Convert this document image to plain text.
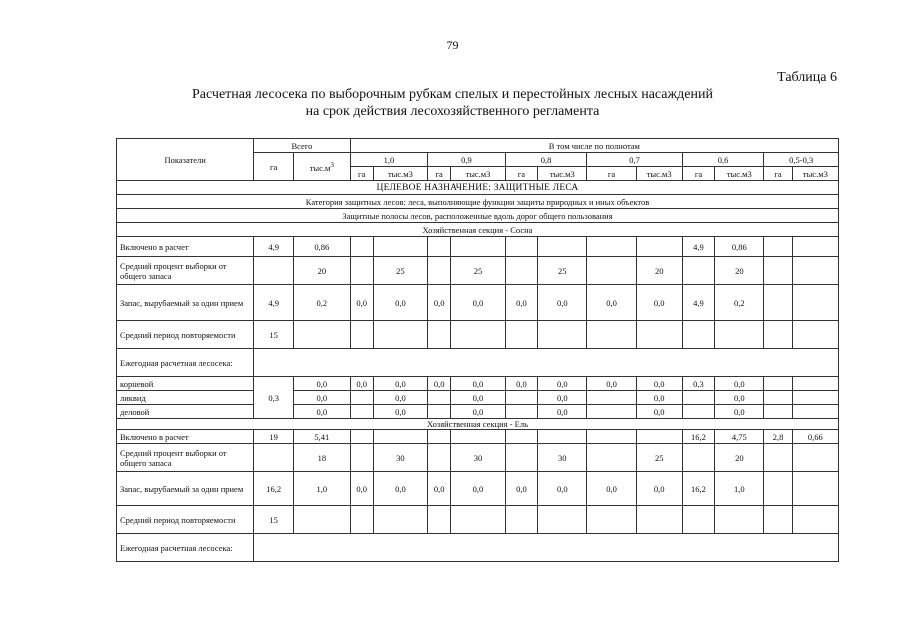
79
Таблица 6
Расчетная лесосека по выборочным рубкам спелых и перестойных лесных насаждений
на срок действия лесохозяйственного регламента
Показатели	Всего		В том числе по полнотам											
	га	$тыс.м^3$	1,0		0,9		0,8		0,7		0,6		0,5-0,3	
			га	тыс.м3	га	тыс.м3	га	тыс.м3	га	тыс.м3	га	тыс.м3	га	тыс.м3
ЦЕЛЕВОЕ НАЗНАЧЕНИЕ: ЗАЩИТНЫЕ ЛЕСА														
Категория защитных лесов: леса, выполняющие функции защиты природных и иных объектов														
Защитные полосы лесов, расположенные вдоль дорог общего пользования														
Хозяйственная секция - Сосна														
Включено в расчет	4,9	0,86									4,9	0,86		
Средний процент выборки от общего запаса		20		25		25		25		20		20		
Запас, вырубаемый за один прием	4,9	0,2	0,0	0,0	0,0	0,0	0,0	0,0	0,0	0,0	4,9	0,2		
Средний период повторяемости	15													
Ежегодная расчетная лесосека:														
корневой	0,3	0,0	0,0	0,0	0,0	0,0	0,0	0,0	0,0	0,0	0,3	0,0		
ликвид		0,0		0,0		0,0		0,0		0,0		0,0		
деловой		0,0		0,0		0,0		0,0		0,0		0,0		
Хозяйственная секция - Ель														
Включено в расчет	19	5,41									16,2	4,75	2,8	0,66
Средний процент выборки от общего запаса		18		30		30		30		25		20		
Запас, вырубаемый за один прием	16,2	1,0	0,0	0,0	0,0	0,0	0,0	0,0	0,0	0,0	16,2	1,0		
Средний период повторяемости	15													
Ежегодная расчетная лесосека:														
